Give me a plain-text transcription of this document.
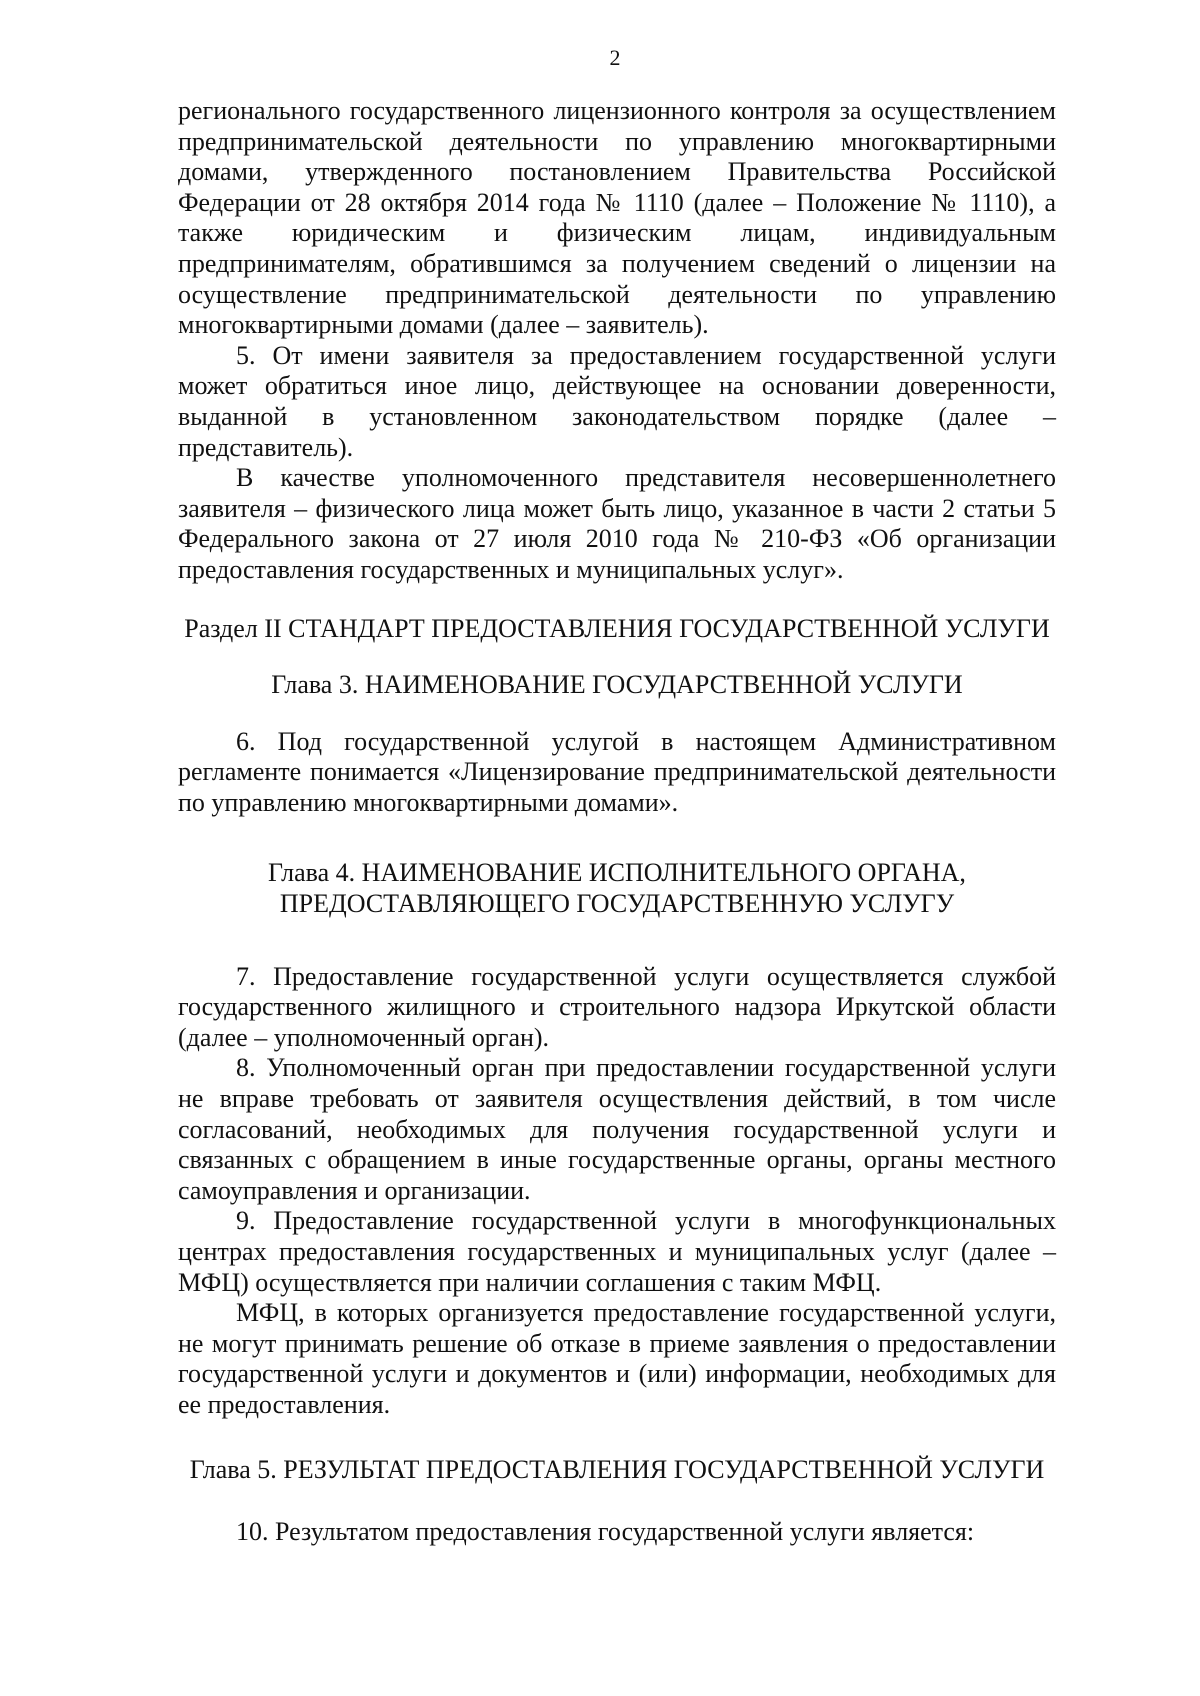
2

регионального государственного лицензионного контроля за осуществлением предпринимательской деятельности по управлению многоквартирными домами, утвержденного постановлением Правительства Российской Федерации от 28 октября 2014 года № 1110 (далее – Положение № 1110), а также юридическим и физическим лицам, индивидуальным предпринимателям, обратившимся за получением сведений о лицензии на осуществление предпринимательской деятельности по управлению многоквартирными домами (далее – заявитель).

5. От имени заявителя за предоставлением государственной услуги может обратиться иное лицо, действующее на основании доверенности, выданной в установленном законодательством порядке (далее – представитель).

В качестве уполномоченного представителя несовершеннолетнего заявителя – физического лица может быть лицо, указанное в части 2 статьи 5 Федерального закона от 27 июля 2010 года № 210-ФЗ «Об организации предоставления государственных и муниципальных услуг».

Раздел II СТАНДАРТ ПРЕДОСТАВЛЕНИЯ ГОСУДАРСТВЕННОЙ УСЛУГИ
Глава 3. НАИМЕНОВАНИЕ ГОСУДАРСТВЕННОЙ УСЛУГИ

6. Под государственной услугой в настоящем Административном регламенте понимается «Лицензирование предпринимательской деятельности по управлению многоквартирными домами».

Глава 4. НАИМЕНОВАНИЕ ИСПОЛНИТЕЛЬНОГО ОРГАНА,
ПРЕДОСТАВЛЯЮЩЕГО ГОСУДАРСТВЕННУЮ УСЛУГУ

7. Предоставление государственной услуги осуществляется службой государственного жилищного и строительного надзора Иркутской области (далее – уполномоченный орган).

8. Уполномоченный орган при предоставлении государственной услуги не вправе требовать от заявителя осуществления действий, в том числе согласований, необходимых для получения государственной услуги и связанных с обращением в иные государственные органы, органы местного самоуправления и организации.

9. Предоставление государственной услуги в многофункциональных центрах предоставления государственных и муниципальных услуг (далее – МФЦ) осуществляется при наличии соглашения с таким МФЦ.

МФЦ, в которых организуется предоставление государственной услуги, не могут принимать решение об отказе в приеме заявления о предоставлении государственной услуги и документов и (или) информации, необходимых для ее предоставления.

Глава 5. РЕЗУЛЬТАТ ПРЕДОСТАВЛЕНИЯ ГОСУДАРСТВЕННОЙ УСЛУГИ

10. Результатом предоставления государственной услуги является:
